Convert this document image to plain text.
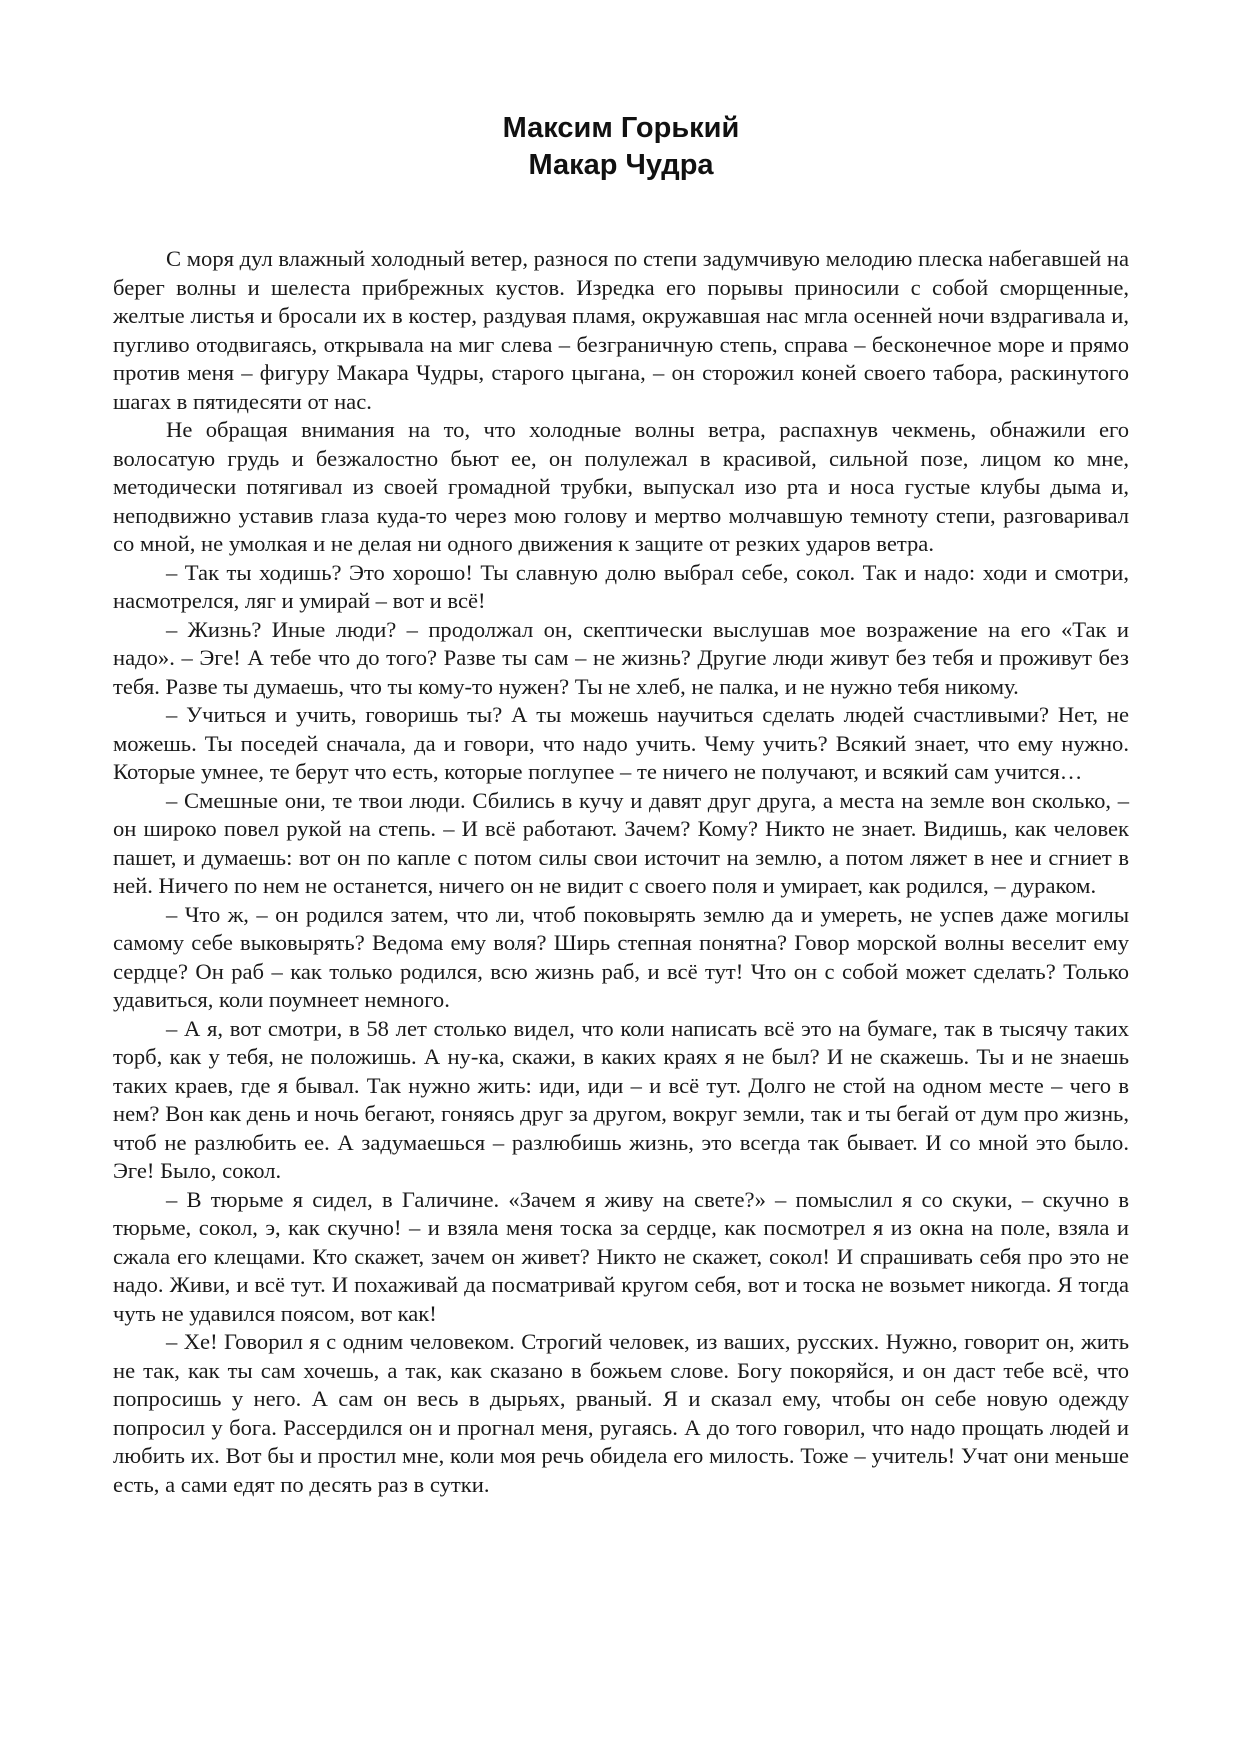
Максим Горький
Макар Чудра

С моря дул влажный холодный ветер, разнося по степи задумчивую мелодию плеска набегавшей на берег волны и шелеста прибрежных кустов. Изредка его порывы приносили с собой сморщенные, желтые листья и бросали их в костер, раздувая пламя, окружавшая нас мгла осенней ночи вздрагивала и, пугливо отодвигаясь, открывала на миг слева – безграничную степь, справа – бесконечное море и прямо против меня – фигуру Макара Чудры, старого цыгана, – он сторожил коней своего табора, раскинутого шагах в пятидесяти от нас.

Не обращая внимания на то, что холодные волны ветра, распахнув чекмень, обнажили его волосатую грудь и безжалостно бьют ее, он полулежал в красивой, сильной позе, лицом ко мне, методически потягивал из своей громадной трубки, выпускал изо рта и носа густые клубы дыма и, неподвижно уставив глаза куда-то через мою голову и мертво молчавшую темноту степи, разговаривал со мной, не умолкая и не делая ни одного движения к защите от резких ударов ветра.

– Так ты ходишь? Это хорошо! Ты славную долю выбрал себе, сокол. Так и надо: ходи и смотри, насмотрелся, ляг и умирай – вот и всё!

– Жизнь? Иные люди? – продолжал он, скептически выслушав мое возражение на его «Так и надо». – Эге! А тебе что до того? Разве ты сам – не жизнь? Другие люди живут без тебя и проживут без тебя. Разве ты думаешь, что ты кому-то нужен? Ты не хлеб, не палка, и не нужно тебя никому.

– Учиться и учить, говоришь ты? А ты можешь научиться сделать людей счастливыми? Нет, не можешь. Ты поседей сначала, да и говори, что надо учить. Чему учить? Всякий знает, что ему нужно. Которые умнее, те берут что есть, которые поглупее – те ничего не получают, и всякий сам учится…

– Смешные они, те твои люди. Сбились в кучу и давят друг друга, а места на земле вон сколько, – он широко повел рукой на степь. – И всё работают. Зачем? Кому? Никто не знает. Видишь, как человек пашет, и думаешь: вот он по капле с потом силы свои источит на землю, а потом ляжет в нее и сгниет в ней. Ничего по нем не останется, ничего он не видит с своего поля и умирает, как родился, – дураком.

– Что ж, – он родился затем, что ли, чтоб поковырять землю да и умереть, не успев даже могилы самому себе выковырять? Ведома ему воля? Ширь степная понятна? Говор морской волны веселит ему сердце? Он раб – как только родился, всю жизнь раб, и всё тут! Что он с собой может сделать? Только удавиться, коли поумнеет немного.

– А я, вот смотри, в 58 лет столько видел, что коли написать всё это на бумаге, так в тысячу таких торб, как у тебя, не положишь. А ну-ка, скажи, в каких краях я не был? И не скажешь. Ты и не знаешь таких краев, где я бывал. Так нужно жить: иди, иди – и всё тут. Долго не стой на одном месте – чего в нем? Вон как день и ночь бегают, гоняясь друг за другом, вокруг земли, так и ты бегай от дум про жизнь, чтоб не разлюбить ее. А задумаешься – разлюбишь жизнь, это всегда так бывает. И со мной это было. Эге! Было, сокол.

– В тюрьме я сидел, в Галичине. «Зачем я живу на свете?» – помыслил я со скуки, – скучно в тюрьме, сокол, э, как скучно! – и взяла меня тоска за сердце, как посмотрел я из окна на поле, взяла и сжала его клещами. Кто скажет, зачем он живет? Никто не скажет, сокол! И спрашивать себя про это не надо. Живи, и всё тут. И похаживай да посматривай кругом себя, вот и тоска не возьмет никогда. Я тогда чуть не удавился поясом, вот как!

– Хе! Говорил я с одним человеком. Строгий человек, из ваших, русских. Нужно, говорит он, жить не так, как ты сам хочешь, а так, как сказано в божьем слове. Богу покоряйся, и он даст тебе всё, что попросишь у него. А сам он весь в дырьях, рваный. Я и сказал ему, чтобы он себе новую одежду попросил у бога. Рассердился он и прогнал меня, ругаясь. А до того говорил, что надо прощать людей и любить их. Вот бы и простил мне, коли моя речь обидела его милость. Тоже – учитель! Учат они меньше есть, а сами едят по десять раз в сутки.
